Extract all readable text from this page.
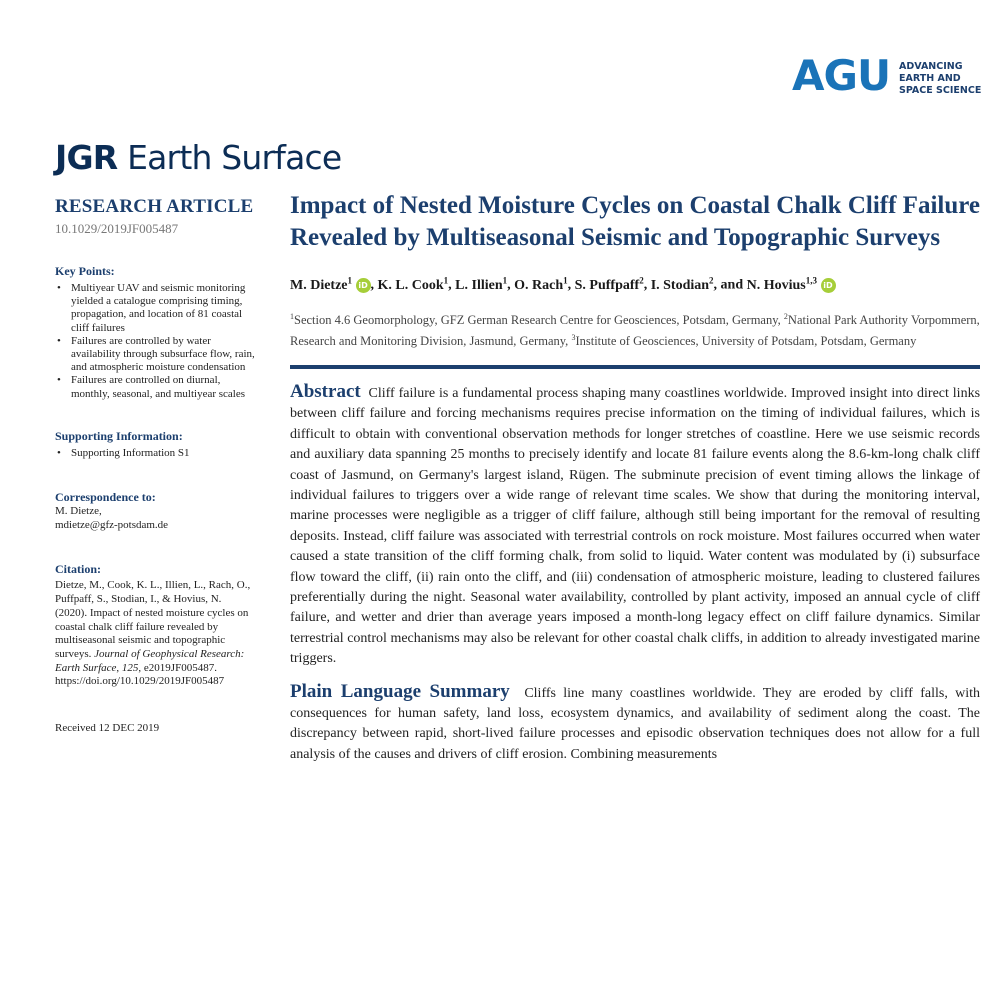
AGU ADVANCING
EARTH AND
SPACE SCIENCE
JGR Earth Surface
RESEARCH ARTICLE
10.1029/2019JF005487
Key Points:
• Multiyear UAV and seismic monitoring yielded a catalogue comprising timing, propagation, and location of 81 coastal cliff failures
• Failures are controlled by water availability through subsurface flow, rain, and atmospheric moisture condensation
• Failures are controlled on diurnal, monthly, seasonal, and multiyear scales
Supporting Information:
• Supporting Information S1
Correspondence to:
M. Dietze,
mdietze@gfz-potsdam.de
Citation:
Dietze, M., Cook, K. L., Illien, L., Rach, O., Puffpaff, S., Stodian, I., & Hovius, N. (2020). Impact of nested moisture cycles on coastal chalk cliff failure revealed by multiseasonal seismic and topographic surveys. Journal of Geophysical Research: Earth Surface, 125, e2019JF005487. https://doi.org/10.1029/2019JF005487
Received 12 DEC 2019
Impact of Nested Moisture Cycles on Coastal Chalk Cliff Failure Revealed by Multiseasonal Seismic and Topographic Surveys
M. Dietze$^1$ iD , K. L. Cook$^1$, L. Illien$^1$, O. Rach$^1$, S. Puffpaff$^2$, I. Stodian$^2$, and N. Hovius$^{1,3}$ iD
$^1$Section 4.6 Geomorphology, GFZ German Research Centre for Geosciences, Potsdam, Germany, $^2$National Park Authority Vorpommern, Research and Monitoring Division, Jasmund, Germany, $^3$Institute of Geosciences, University of Potsdam, Potsdam, Germany

Abstract Cliff failure is a fundamental process shaping many coastlines worldwide. Improved insight into direct links between cliff failure and forcing mechanisms requires precise information on the timing of individual failures, which is difficult to obtain with conventional observation methods for longer stretches of coastline. Here we use seismic records and auxiliary data spanning 25 months to precisely identify and locate 81 failure events along the 8.6-km-long chalk cliff coast of Jasmund, on Germany's largest island, Rügen. The subminute precision of event timing allows the linkage of individual failures to triggers over a wide range of relevant time scales. We show that during the monitoring interval, marine processes were negligible as a trigger of cliff failure, although still being important for the removal of resulting deposits. Instead, cliff failure was associated with terrestrial controls on rock moisture. Most failures occurred when water caused a state transition of the cliff forming chalk, from solid to liquid. Water content was modulated by (i) subsurface flow toward the cliff, (ii) rain onto the cliff, and (iii) condensation of atmospheric moisture, leading to clustered failures preferentially during the night. Seasonal water availability, controlled by plant activity, imposed an annual cycle of cliff failure, and wetter and drier than average years imposed a month-long legacy effect on cliff failure dynamics. Similar terrestrial control mechanisms may also be relevant for other coastal chalk cliffs, in addition to already investigated marine triggers.

Plain Language Summary Cliffs line many coastlines worldwide. They are eroded by cliff falls, with consequences for human safety, land loss, ecosystem dynamics, and availability of sediment along the coast. The discrepancy between rapid, short-lived failure processes and episodic observation techniques does not allow for a full analysis of the causes and drivers of cliff erosion. Combining measurements
